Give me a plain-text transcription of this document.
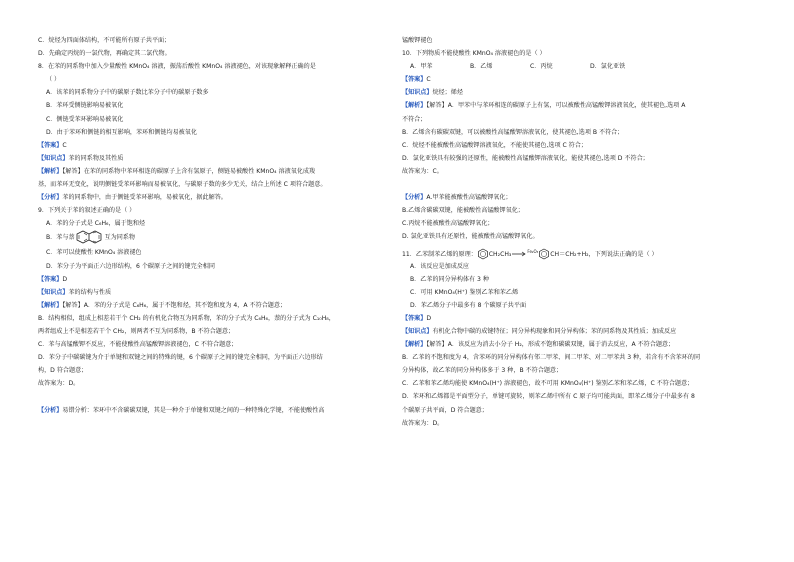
C．烷烃为四面体结构，不可能所有原子共平面；
D．先确定丙烷的一氯代物，再确定其二氯代物。
8．在苯的同系物中加入少量酸性 KMnO₄ 溶液，振荡后酸性 KMnO₄ 溶液褪色，对该现象解释正确的是
（ ）
A．该苯的同系物分子中的碳原子数比苯分子中的碳原子数多
B．苯环受侧链影响易被氧化
C．侧链受苯环影响易被氧化
D．由于苯环和侧链的相互影响，苯环和侧链均易被氧化
【答案】C
【知识点】苯的同系物及其性质
【解析】【解答】在苯的同系物中苯环相连的碳原子上含有氢原子，侧链易被酸性 KMnO₄ 溶液氧化成羧
基，而苯环无变化，说明侧链受苯环影响而易被氧化，与碳原子数的多少无关，结合上所述 C 项符合题意。
【分析】苯的同系物中，由于侧链受苯环影响，易被氧化，据此解答。
9．下列关于苯的叙述正确的是（ ）
A．苯的分子式是 C₆H₆，属于饱和烃
B．苯与萘	互为同系物
C．苯可以使酸性 KMnO₄ 溶液褪色
D．苯分子为平面正六边形结构，6 个碳原子之间的键完全相同
【答案】D
【知识点】苯的结构与性质
【解析】【解答】A．苯的分子式是 C₆H₆，属于不饱和烃，其不饱和度为 4，A 不符合题意；
B．结构相似，组成上相差若干个 CH₂ 的有机化合物互为同系物，苯的分子式为 C₆H₆，萘的分子式为 C₁₀H₈，
两者组成上不是相差若干个 CH₂，则两者不互为同系物，B 不符合题意；
C．苯与高锰酸钾不反应，不能使酸性高锰酸钾溶液褪色，C 不符合题意；
D．苯分子中碳碳键为介于单键和双键之间的特殊的键，6 个碳原子之间的键完全相同，为平面正六边形结
构，D 符合题意；
故答案为：D。
【分析】易错分析：苯环中不含碳碳双键，其是一种介于单键和双键之间的一种特殊化学键，不能使酸性高
锰酸钾褪色
10．下列物质不能使酸性 KMnO₄ 溶液褪色的是（ ）
A．甲苯	B．乙烯	C．丙烷	D．氯化亚铁
【答案】C
【知识点】烷烃；烯烃
【解析】【解答】A．甲苯中与苯环相连的碳原子上有氢，可以被酸性高锰酸钾溶液氧化，使其褪色,选项 A
不符合；
B．乙烯含有碳碳双键，可以被酸性高锰酸钾溶液氧化，使其褪色,选项 B 不符合；
C．烷烃不能被酸性高锰酸钾溶液氧化，不能使其褪色,选项 C 符合；
D．氯化亚铁具有较强的还原性，能被酸性高锰酸钾溶液氧化，能使其褪色,选项 D 不符合；
故答案为：C。
【分析】A.甲苯能被酸性高锰酸钾氧化；
B.乙烯含碳碳双键，能被酸性高锰酸钾氧化；
C.丙烷不能被酸性高锰酸钾氧化；
D. 氯化亚铁具有还原性，能被酸性高锰酸钾氧化。
11．乙苯制苯乙烯的原理： CH₂CH₃	$^{Fe_2O_3}$ CH＝CH₂+H₂，下列说法正确的是（ ）
A．该反应是加成反应
B．乙苯的同分异构体有 3 种
C．可用 KMnO₄(H⁺) 鉴别乙苯和苯乙烯
D．苯乙烯分子中最多有 8 个碳原子共平面
【答案】D
【知识点】有机化合物中碳的成键特征；同分异构现象和同分异构体；苯的同系物及其性质；加成反应
【解析】【解答】A．该反应为消去小分子 H₂，形成不饱和碳碳双键，属于消去反应，A 不符合题意；
B．乙苯的不饱和度为 4，含苯环的同分异构体有邻二甲苯、间二甲苯、对二甲苯共 3 种，若含有不含苯环的同
分异构体，故乙苯的同分异构体多于 3 种，B 不符合题意；
C．乙苯和苯乙烯均能使 KMnO₄(H⁺) 溶液褪色，故不可用 KMnO₄(H⁺) 鉴别乙苯和苯乙烯，C 不符合题意；
D．苯环和乙烯都是平面型分子，单键可旋转，则苯乙烯中所有 C 原子均可能共面，即苯乙烯分子中最多有 8
个碳原子共平面，D 符合题意；
故答案为：D。
